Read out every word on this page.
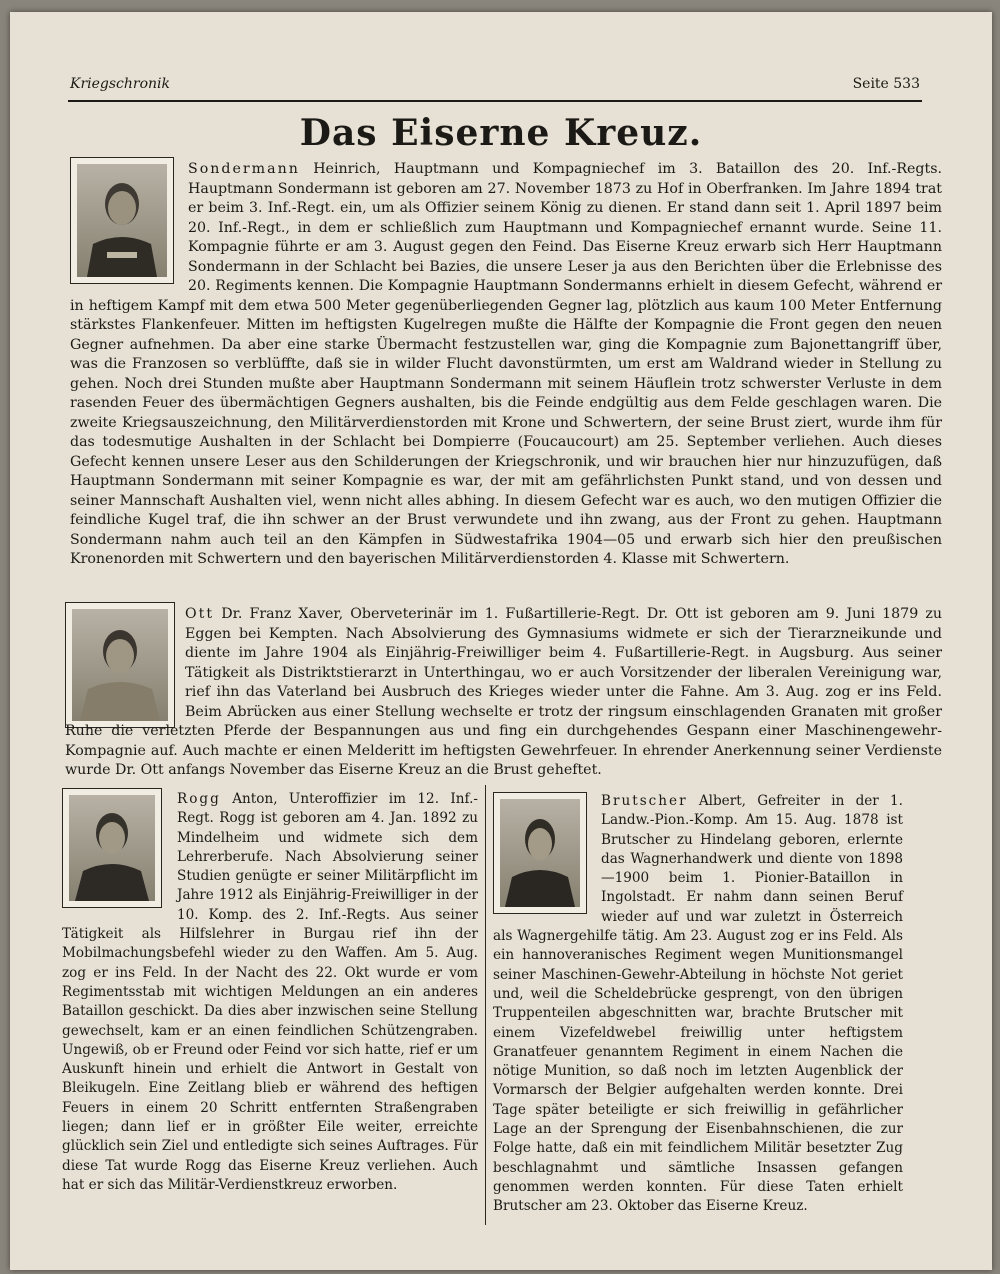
Kriegschronik	Seite 533
Das Eiserne Kreuz.

Sondermann Heinrich, Hauptmann und Kompagniechef im 3. Bataillon des 20. Inf.-Regts. Hauptmann Sondermann ist geboren am 27. November 1873 zu Hof in Oberfranken. Im Jahre 1894 trat er beim 3. Inf.-Regt. ein, um als Offizier seinem König zu dienen. Er stand dann seit 1. April 1897 beim 20. Inf.-Regt., in dem er schließlich zum Hauptmann und Kompagniechef ernannt wurde. Seine 11. Kompagnie führte er am 3. August gegen den Feind. Das Eiserne Kreuz erwarb sich Herr Hauptmann Sondermann in der Schlacht bei Bazies, die unsere Leser ja aus den Berichten über die Erlebnisse des 20. Regiments kennen. Die Kompagnie Hauptmann Sondermanns erhielt in diesem Gefecht, während er in heftigem Kampf mit dem etwa 500 Meter gegenüberliegenden Gegner lag, plötzlich aus kaum 100 Meter Entfernung stärkstes Flankenfeuer. Mitten im heftigsten Kugelregen mußte die Hälfte der Kompagnie die Front gegen den neuen Gegner aufnehmen. Da aber eine starke Übermacht festzustellen war, ging die Kompagnie zum Bajonettangriff über, was die Franzosen so verblüffte, daß sie in wilder Flucht davonstürmten, um erst am Waldrand wieder in Stellung zu gehen. Noch drei Stunden mußte aber Hauptmann Sondermann mit seinem Häuflein trotz schwerster Verluste in dem rasenden Feuer des übermächtigen Gegners aushalten, bis die Feinde endgültig aus dem Felde geschlagen waren. Die zweite Kriegsauszeichnung, den Militärverdienstorden mit Krone und Schwertern, der seine Brust ziert, wurde ihm für das todesmutige Aushalten in der Schlacht bei Dompierre (Foucaucourt) am 25. September verliehen. Auch dieses Gefecht kennen unsere Leser aus den Schilderungen der Kriegschronik, und wir brauchen hier nur hinzuzufügen, daß Hauptmann Sondermann mit seiner Kompagnie es war, der mit am gefährlichsten Punkt stand, und von dessen und seiner Mannschaft Aushalten viel, wenn nicht alles abhing. In diesem Gefecht war es auch, wo den mutigen Offizier die feindliche Kugel traf, die ihn schwer an der Brust verwundete und ihn zwang, aus der Front zu gehen. Hauptmann Sondermann nahm auch teil an den Kämpfen in Südwestafrika 1904—05 und erwarb sich hier den preußischen Kronenorden mit Schwertern und den bayerischen Militärverdienstorden 4. Klasse mit Schwertern.

Ott Dr. Franz Xaver, Oberveterinär im 1. Fußartillerie-Regt. Dr. Ott ist geboren am 9. Juni 1879 zu Eggen bei Kempten. Nach Absolvierung des Gymnasiums widmete er sich der Tierarzneikunde und diente im Jahre 1904 als Einjährig-Freiwilliger beim 4. Fußartillerie-Regt. in Augsburg. Aus seiner Tätigkeit als Distriktstierarzt in Unterthingau, wo er auch Vorsitzender der liberalen Vereinigung war, rief ihn das Vaterland bei Ausbruch des Krieges wieder unter die Fahne. Am 3. Aug. zog er ins Feld. Beim Abrücken aus einer Stellung wechselte er trotz der ringsum einschlagenden Granaten mit großer Ruhe die verletzten Pferde der Bespannungen aus und fing ein durchgehendes Gespann einer Maschinengewehr-Kompagnie auf. Auch machte er einen Melderitt im heftigsten Gewehrfeuer. In ehrender Anerkennung seiner Verdienste wurde Dr. Ott anfangs November das Eiserne Kreuz an die Brust geheftet.

Rogg Anton, Unteroffizier im 12. Inf.-Regt. Rogg ist geboren am 4. Jan. 1892 zu Mindelheim und widmete sich dem Lehrerberufe. Nach Absolvierung seiner Studien genügte er seiner Militärpflicht im Jahre 1912 als Einjährig-Freiwilliger in der 10. Komp. des 2. Inf.-Regts. Aus seiner Tätigkeit als Hilfslehrer in Burgau rief ihn der Mobilmachungsbefehl wieder zu den Waffen. Am 5. Aug. zog er ins Feld. In der Nacht des 22. Okt wurde er vom Regimentsstab mit wichtigen Meldungen an ein anderes Bataillon geschickt. Da dies aber inzwischen seine Stellung gewechselt, kam er an einen feindlichen Schützengraben. Ungewiß, ob er Freund oder Feind vor sich hatte, rief er um Auskunft hinein und erhielt die Antwort in Gestalt von Bleikugeln. Eine Zeitlang blieb er während des heftigen Feuers in einem 20 Schritt entfernten Straßengraben liegen; dann lief er in größter Eile weiter, erreichte glücklich sein Ziel und entledigte sich seines Auftrages. Für diese Tat wurde Rogg das Eiserne Kreuz verliehen. Auch hat er sich das Militär-Verdienstkreuz erworben.

Brutscher Albert, Gefreiter in der 1. Landw.-Pion.-Komp. Am 15. Aug. 1878 ist Brutscher zu Hindelang geboren, erlernte das Wagnerhandwerk und diente von 1898—1900 beim 1. Pionier-Bataillon in Ingolstadt. Er nahm dann seinen Beruf wieder auf und war zuletzt in Österreich als Wagnergehilfe tätig. Am 23. August zog er ins Feld. Als ein hannoveranisches Regiment wegen Munitionsmangel seiner Maschinen-Gewehr-Abteilung in höchste Not geriet und, weil die Scheldebrücke gesprengt, von den übrigen Truppenteilen abgeschnitten war, brachte Brutscher mit einem Vizefeldwebel freiwillig unter heftigstem Granatfeuer genanntem Regiment in einem Nachen die nötige Munition, so daß noch im letzten Augenblick der Vormarsch der Belgier aufgehalten werden konnte. Drei Tage später beteiligte er sich freiwillig in gefährlicher Lage an der Sprengung der Eisenbahnschienen, die zur Folge hatte, daß ein mit feindlichem Militär besetzter Zug beschlagnahmt und sämtliche Insassen gefangen genommen werden konnten. Für diese Taten erhielt Brutscher am 23. Oktober das Eiserne Kreuz.
